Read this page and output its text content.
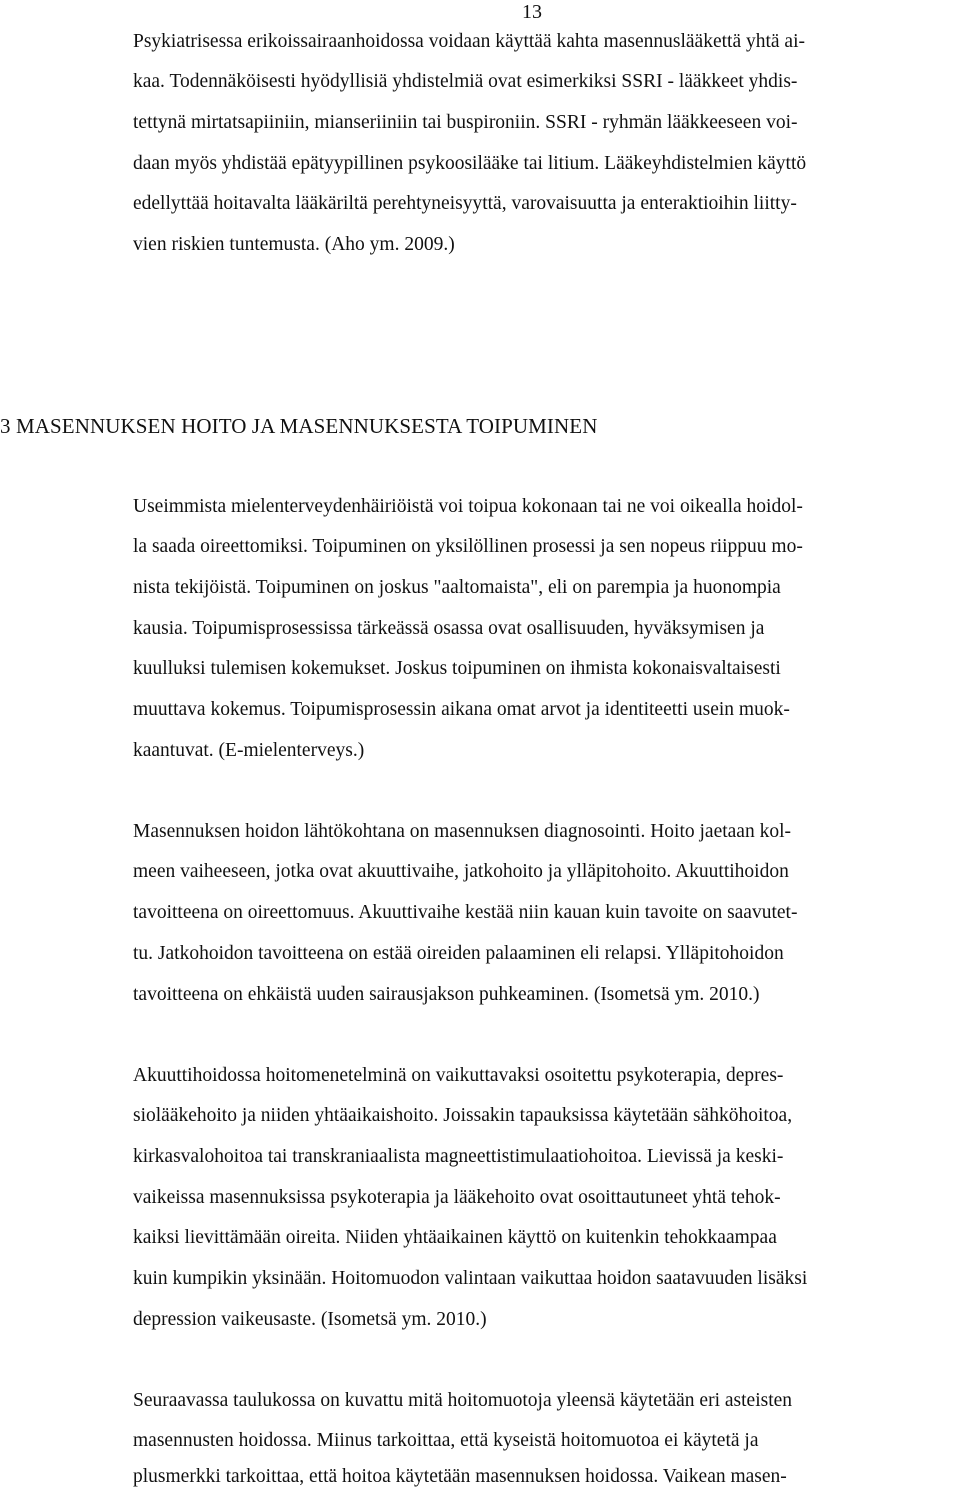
13
Psykiatrisessa erikoissairaanhoidossa voidaan käyttää kahta masennuslääkettä yhtä ai-
kaa. Todennäköisesti hyödyllisiä yhdistelmiä ovat esimerkiksi SSRI - lääkkeet yhdis-
tettynä mirtatsapiiniin, mianseriiniin tai buspironiin. SSRI - ryhmän lääkkeeseen voi-
daan myös yhdistää epätyypillinen psykoosilääke tai litium. Lääkeyhdistelmien käyttö
edellyttää hoitavalta lääkäriltä perehtyneisyyttä, varovaisuutta ja enteraktioihin liitty-
vien riskien tuntemusta. (Aho ym. 2009.)
3 MASENNUKSEN HOITO JA MASENNUKSESTA TOIPUMINEN
Useimmista mielenterveydenhäiriöistä voi toipua kokonaan tai ne voi oikealla hoidol-
la saada oireettomiksi. Toipuminen on yksilöllinen prosessi ja sen nopeus riippuu mo-
nista tekijöistä. Toipuminen on joskus "aaltomaista", eli on parempia ja huonompia
kausia. Toipumisprosessissa tärkeässä osassa ovat osallisuuden, hyväksymisen ja
kuulluksi tulemisen kokemukset. Joskus toipuminen on ihmista kokonaisvaltaisesti
muuttava kokemus. Toipumisprosessin aikana omat arvot ja identiteetti usein muok-
kaantuvat. (E-mielenterveys.)
Masennuksen hoidon lähtökohtana on masennuksen diagnosointi. Hoito jaetaan kol-
meen vaiheeseen, jotka ovat akuuttivaihe, jatkohoito ja ylläpitohoito. Akuuttihoidon
tavoitteena on oireettomuus. Akuuttivaihe kestää niin kauan kuin tavoite on saavutet-
tu. Jatkohoidon tavoitteena on estää oireiden palaaminen eli relapsi. Ylläpitohoidon
tavoitteena on ehkäistä uuden sairausjakson puhkeaminen. (Isometsä ym. 2010.)
Akuuttihoidossa hoitomenetelminä on vaikuttavaksi osoitettu psykoterapia, depres-
siolääkehoito ja niiden yhtäaikaishoito. Joissakin tapauksissa käytetään sähköhoitoa,
kirkasvalohoitoa tai transkraniaalista magneettistimulaatiohoitoa. Lievissä ja keski-
vaikeissa masennuksissa psykoterapia ja lääkehoito ovat osoittautuneet yhtä tehok-
kaiksi lievittämään oireita. Niiden yhtäaikainen käyttö on kuitenkin tehokkaampaa
kuin kumpikin yksinään. Hoitomuodon valintaan vaikuttaa hoidon saatavuuden lisäksi
depression vaikeusaste. (Isometsä ym. 2010.)
Seuraavassa taulukossa on kuvattu mitä hoitomuotoja yleensä käytetään eri asteisten
masennusten hoidossa. Miinus tarkoittaa, että kyseistä hoitomuotoa ei käytetä ja
plusmerkki tarkoittaa, että hoitoa käytetään masennuksen hoidossa. Vaikean masen-
